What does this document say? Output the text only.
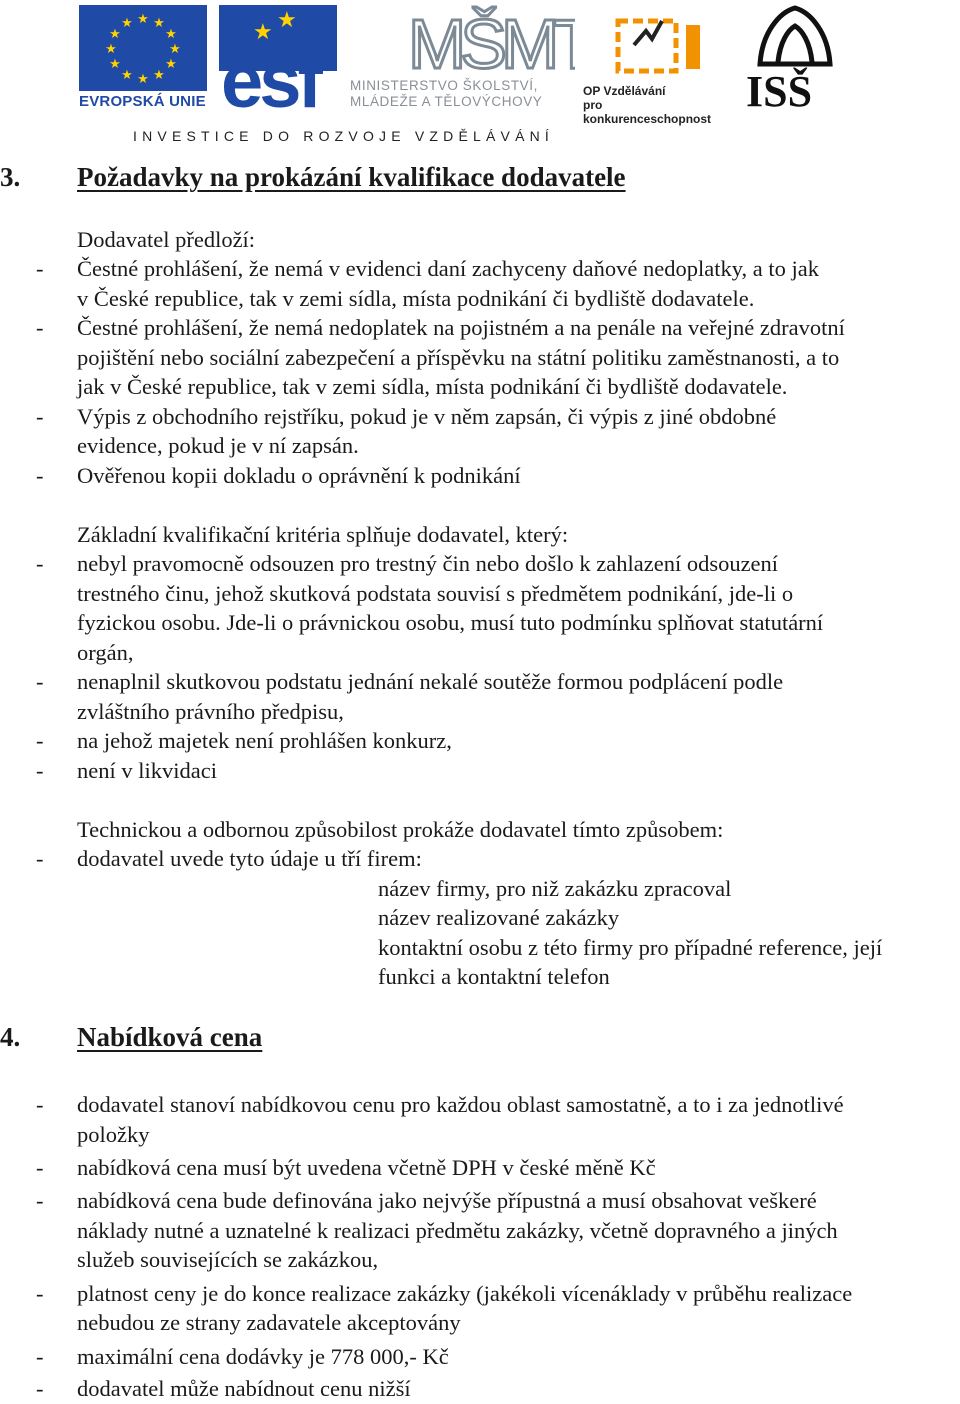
★ ★
★
★
★
★
★
★
★
★
★
★
EVROPSKÁ UNIE
★ ★
esf MŠMT
MINISTERSTVO ŠKOLSTVÍ,
MLÁDEŽE A TĚLOVÝCHOVY
OP Vzdělávání
pro konkurenceschopnost
ISŠ
INVESTICE DO ROZVOJE VZDĚLÁVÁNÍ
3. Požadavky na prokázání kvalifikace dodavatele
Dodavatel předloží:
- Čestné prohlášení, že nemá v evidenci daní zachyceny daňové nedoplatky, a to jak
v České republice, tak v zemi sídla, místa podnikání či bydliště dodavatele.
- Čestné prohlášení, že nemá nedoplatek na pojistném a na penále na veřejné zdravotní
pojištění nebo sociální zabezpečení a příspěvku na státní politiku zaměstnanosti, a to
jak v České republice, tak v zemi sídla, místa podnikání či bydliště dodavatele.
- Výpis z obchodního rejstříku, pokud je v něm zapsán, či výpis z jiné obdobné
evidence, pokud je v ní zapsán.
- Ověřenou kopii dokladu o oprávnění k podnikání
Základní kvalifikační kritéria splňuje dodavatel, který:
- nebyl pravomocně odsouzen pro trestný čin nebo došlo k zahlazení odsouzení
trestného činu, jehož skutková podstata souvisí s předmětem podnikání, jde-li o
fyzickou osobu. Jde-li o právnickou osobu, musí tuto podmínku splňovat statutární
orgán,
- nenaplnil skutkovou podstatu jednání nekalé soutěže formou podplácení podle
zvláštního právního předpisu,
- na jehož majetek není prohlášen konkurz,
- není v likvidaci
Technickou a odbornou způsobilost prokáže dodavatel tímto způsobem:
- dodavatel uvede tyto údaje u tří firem:
název firmy, pro niž zakázku zpracoval
název realizované zakázky
kontaktní osobu z této firmy pro případné reference, její
funkci a kontaktní telefon
4. Nabídková cena
- dodavatel stanoví nabídkovou cenu pro každou oblast samostatně, a to i za jednotlivé
položky
- nabídková cena musí být uvedena včetně DPH v české měně Kč
- nabídková cena bude definována jako nejvýše přípustná a musí obsahovat veškeré
náklady nutné a uznatelné k realizaci předmětu zakázky, včetně dopravného a jiných
služeb souvisejících se zakázkou,
- platnost ceny je do konce realizace zakázky (jakékoli vícenáklady v průběhu realizace
nebudou ze strany zadavatele akceptovány
- maximální cena dodávky je 778 000,- Kč
- dodavatel může nabídnout cenu nižší
